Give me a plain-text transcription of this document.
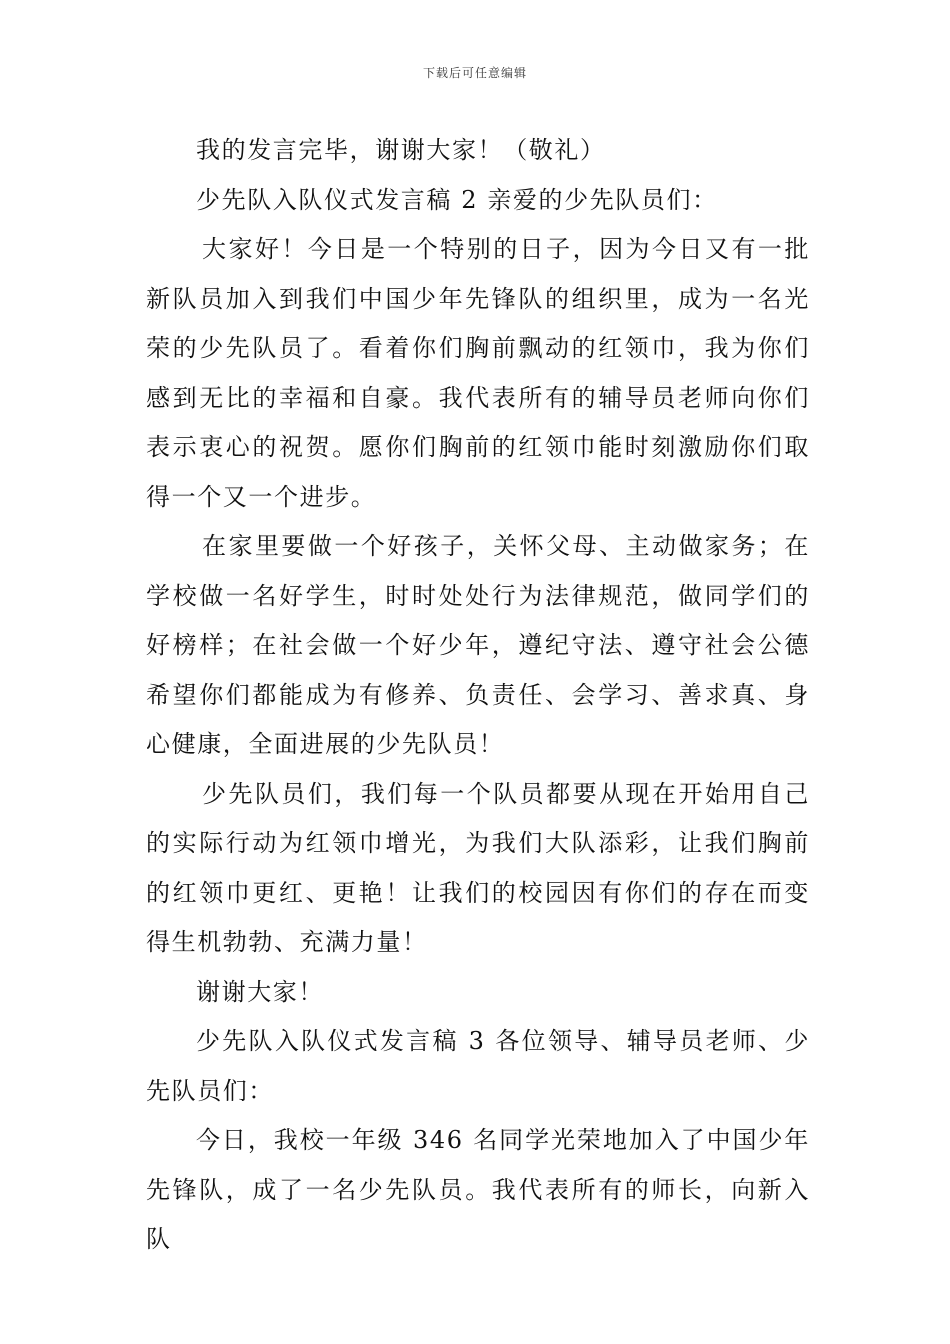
下载后可任意编辑

我的发言完毕，谢谢大家！（敬礼）

少先队入队仪式发言稿 2 亲爱的少先队员们：

大家好！今日是一个特别的日子，因为今日又有一批新队员加入到我们中国少年先锋队的组织里，成为一名光荣的少先队员了。看着你们胸前飘动的红领巾，我为你们感到无比的幸福和自豪。我代表所有的辅导员老师向你们表示衷心的祝贺。愿你们胸前的红领巾能时刻激励你们取得一个又一个进步。

在家里要做一个好孩子，关怀父母、主动做家务；在学校做一名好学生，时时处处行为法律规范，做同学们的好榜样；在社会做一个好少年，遵纪守法、遵守社会公德希望你们都能成为有修养、负责任、会学习、善求真、身心健康，全面进展的少先队员！

少先队员们，我们每一个队员都要从现在开始用自己的实际行动为红领巾增光，为我们大队添彩，让我们胸前的红领巾更红、更艳！让我们的校园因有你们的存在而变得生机勃勃、充满力量！

谢谢大家！

少先队入队仪式发言稿 3 各位领导、辅导员老师、少先队员们：

今日，我校一年级 346 名同学光荣地加入了中国少年先锋队，成了一名少先队员。我代表所有的师长，向新入队
